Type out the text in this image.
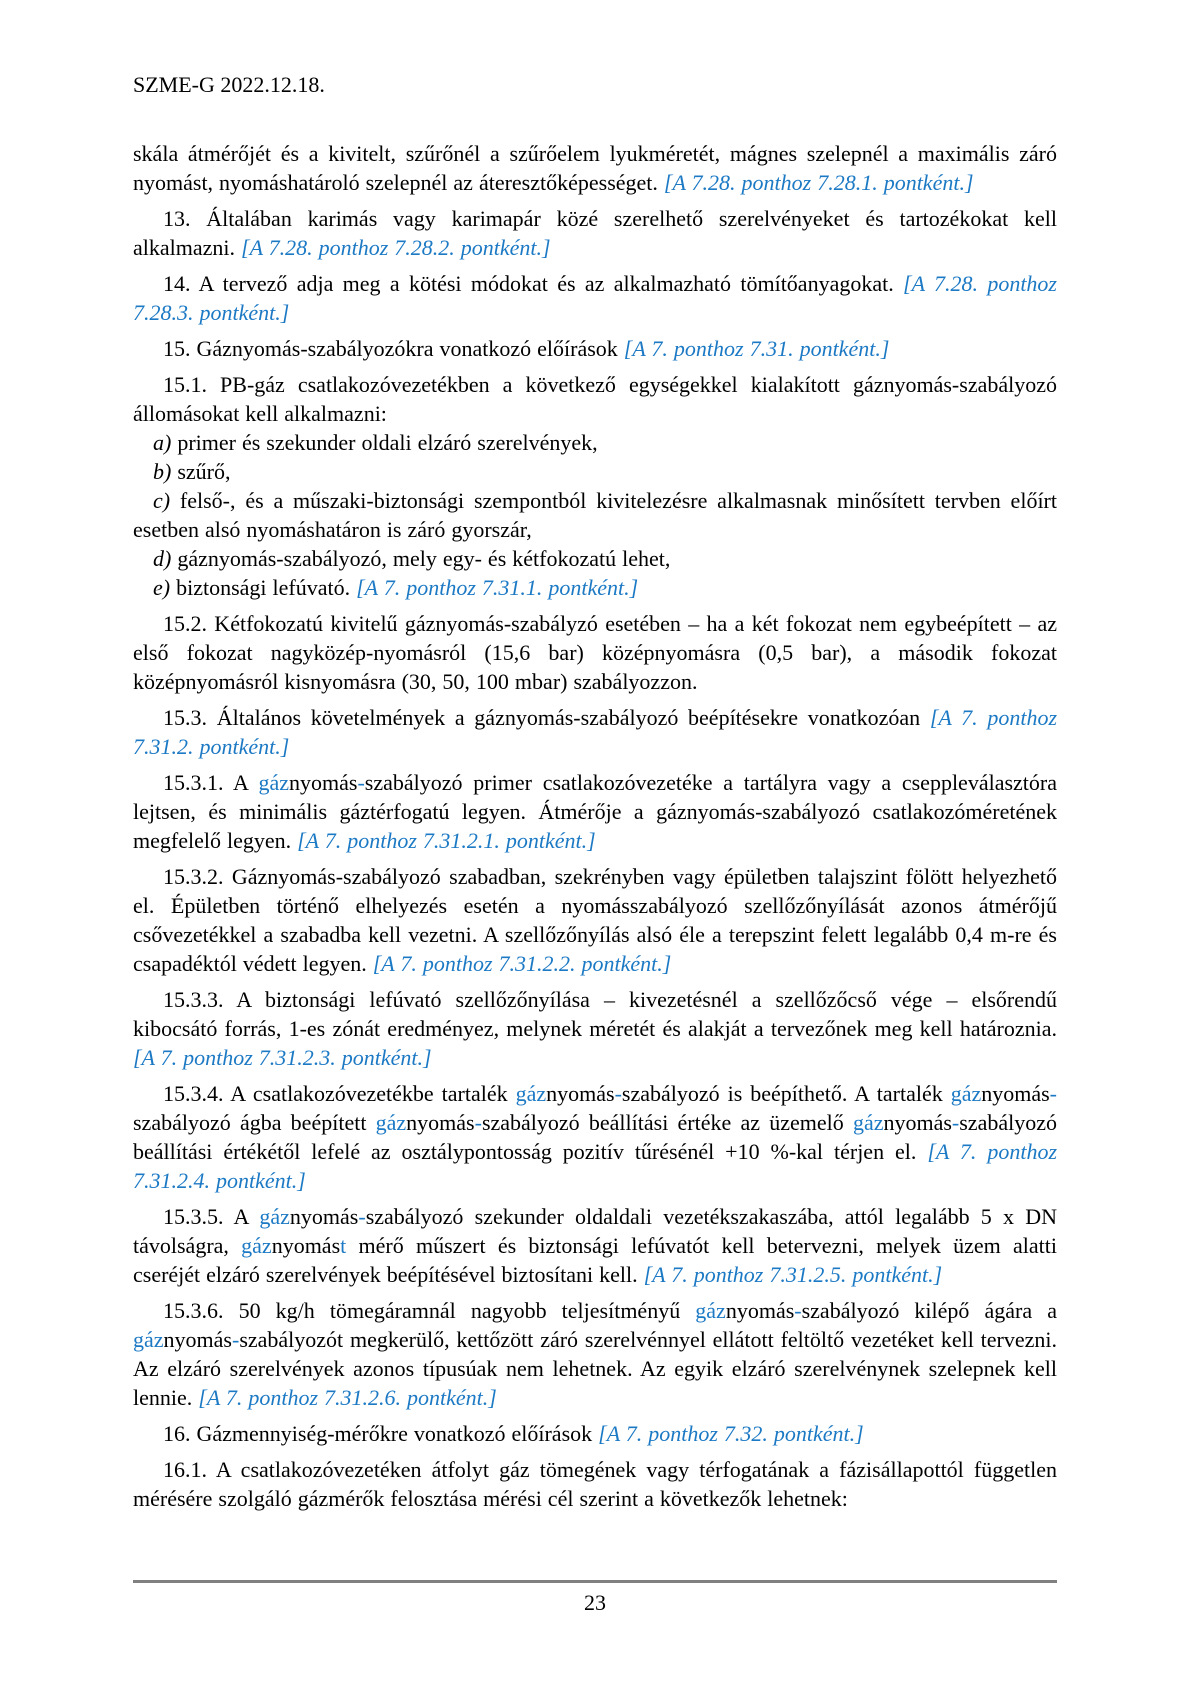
SZME-G 2022.12.18.

skála átmérőjét és a kivitelt, szűrőnél a szűrőelem lyukméretét, mágnes szelepnél a maximális záró nyomást, nyomáshatároló szelepnél az áteresztőképességet. [A 7.28. ponthoz 7.28.1. pontként.]

13. Általában karimás vagy karimapár közé szerelhető szerelvényeket és tartozékokat kell alkalmazni. [A 7.28. ponthoz 7.28.2. pontként.]

14. A tervező adja meg a kötési módokat és az alkalmazható tömítőanyagokat. [A 7.28. ponthoz 7.28.3. pontként.]

15. Gáznyomás-szabályozókra vonatkozó előírások [A 7. ponthoz 7.31. pontként.]

15.1. PB-gáz csatlakozóvezetékben a következő egységekkel kialakított gáznyomás-szabályozó állomásokat kell alkalmazni:

a) primer és szekunder oldali elzáró szerelvények,

b) szűrő,

c) felső-, és a műszaki-biztonsági szempontból kivitelezésre alkalmasnak minősített tervben előírt esetben alsó nyomáshatáron is záró gyorszár,

d) gáznyomás-szabályozó, mely egy- és kétfokozatú lehet,

e) biztonsági lefúvató. [A 7. ponthoz 7.31.1. pontként.]

15.2. Kétfokozatú kivitelű gáznyomás-szabályzó esetében – ha a két fokozat nem egybeépített – az első fokozat nagyközép-nyomásról (15,6 bar) középnyomásra (0,5 bar), a második fokozat középnyomásról kisnyomásra (30, 50, 100 mbar) szabályozzon.

15.3. Általános követelmények a gáznyomás-szabályozó beépítésekre vonatkozóan [A 7. ponthoz 7.31.2. pontként.]

15.3.1. A gáznyomás-szabályozó primer csatlakozóvezetéke a tartályra vagy a cseppleválasztóra lejtsen, és minimális gáztérfogatú legyen. Átmérője a gáznyomás-szabályozó csatlakozóméretének megfelelő legyen. [A 7. ponthoz 7.31.2.1. pontként.]

15.3.2. Gáznyomás-szabályozó szabadban, szekrényben vagy épületben talajszint fölött helyezhető el. Épületben történő elhelyezés esetén a nyomásszabályozó szellőzőnyílását azonos átmérőjű csővezetékkel a szabadba kell vezetni. A szellőzőnyílás alsó éle a terepszint felett legalább 0,4 m-re és csapadéktól védett legyen. [A 7. ponthoz 7.31.2.2. pontként.]

15.3.3. A biztonsági lefúvató szellőzőnyílása – kivezetésnél a szellőzőcső vége – elsőrendű kibocsátó forrás, 1-es zónát eredményez, melynek méretét és alakját a tervezőnek meg kell határoznia. [A 7. ponthoz 7.31.2.3. pontként.]

15.3.4. A csatlakozóvezetékbe tartalék gáznyomás-szabályozó is beépíthető. A tartalék gáznyomás-szabályozó ágba beépített gáznyomás-szabályozó beállítási értéke az üzemelő gáznyomás-szabályozó beállítási értékétől lefelé az osztálypontosság pozitív tűrésénél +10 %-kal térjen el. [A 7. ponthoz 7.31.2.4. pontként.]

15.3.5. A gáznyomás-szabályozó szekunder oldaldali vezetékszakaszába, attól legalább 5 x DN távolságra, gáznyomást mérő műszert és biztonsági lefúvatót kell betervezni, melyek üzem alatti cseréjét elzáró szerelvények beépítésével biztosítani kell. [A 7. ponthoz 7.31.2.5. pontként.]

15.3.6. 50 kg/h tömegáramnál nagyobb teljesítményű gáznyomás-szabályozó kilépő ágára a gáznyomás-szabályozót megkerülő, kettőzött záró szerelvénnyel ellátott feltöltő vezetéket kell tervezni. Az elzáró szerelvények azonos típusúak nem lehetnek. Az egyik elzáró szerelvénynek szelepnek kell lennie. [A 7. ponthoz 7.31.2.6. pontként.]

16. Gázmennyiség-mérőkre vonatkozó előírások [A 7. ponthoz 7.32. pontként.]

16.1. A csatlakozóvezetéken átfolyt gáz tömegének vagy térfogatának a fázisállapottól független mérésére szolgáló gázmérők felosztása mérési cél szerint a következők lehetnek:

23
